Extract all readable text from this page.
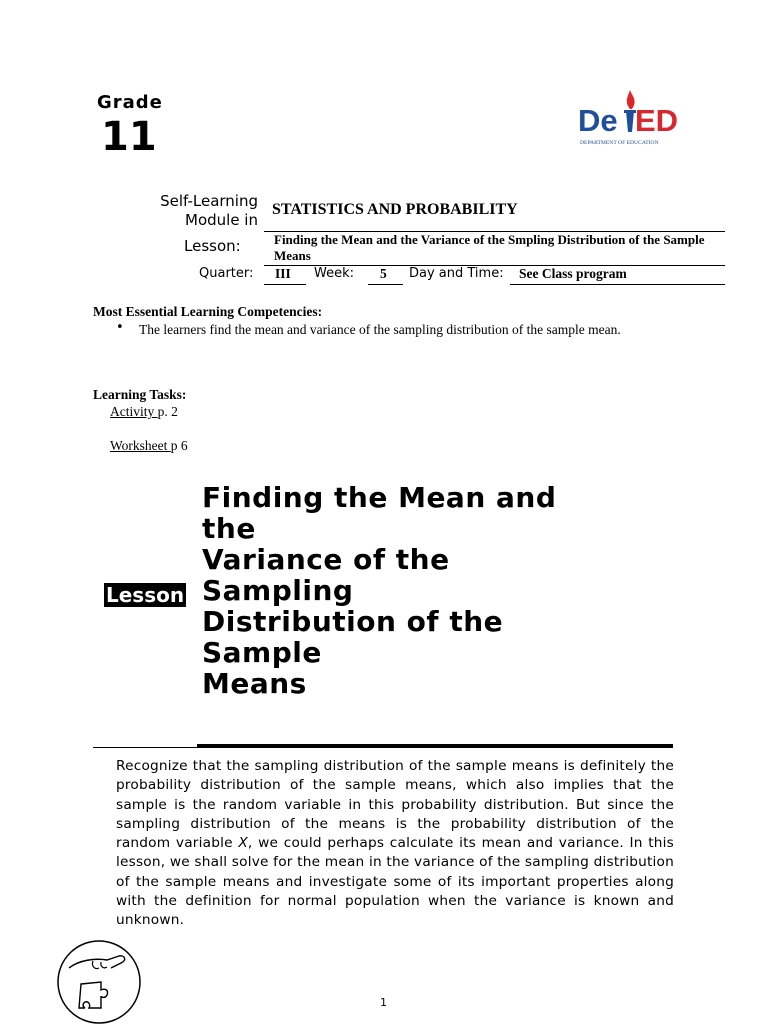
Grade
11	De ED
DEPARTMENT OF EDUCATION
Self-Learning Module in
STATISTICS AND PROBABILITY
Lesson:	Finding the Mean and the Variance of the Smpling Distribution of the Sample Means
Quarter: III Week: 5 Day and Time: See Class program
Most Essential Learning Competencies:
• The learners find the mean and variance of the sampling distribution of the sample mean.
Learning Tasks:
Activity p. 2
Worksheet p 6
Lesson
Finding the Mean and
the
Variance of the
Sampling
Distribution of the
Sample
Means
Recognize that the sampling distribution of the sample means is definitely the probability distribution of the sample means, which also implies that the sample is the random variable in this probability distribution. But since the sampling distribution of the means is the probability distribution of the random variable X, we could perhaps calculate its mean and variance. In this lesson, we shall solve for the mean in the variance of the sampling distribution of the sample means and investigate some of its important properties along with the definition for normal population when the variance is known and unknown.
1
